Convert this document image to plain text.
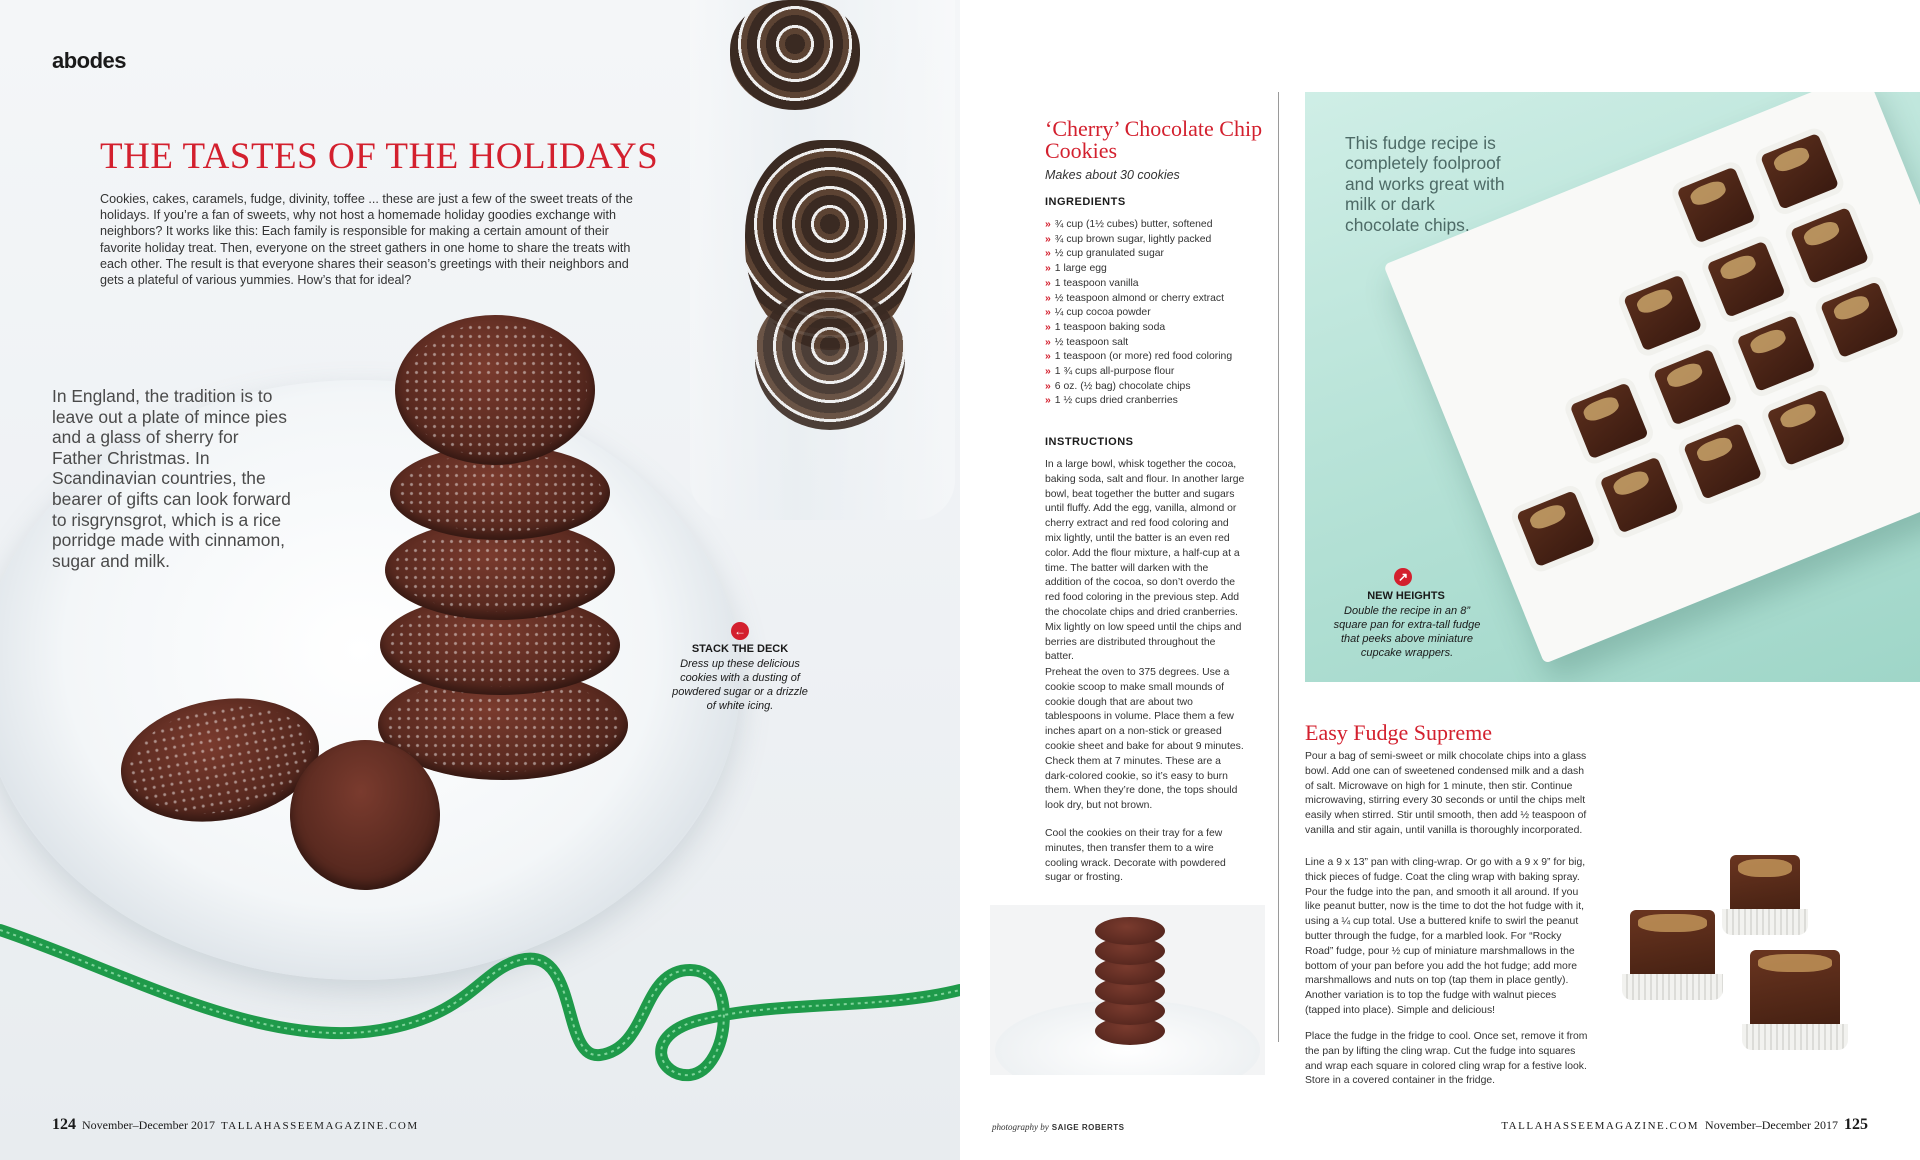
abodes
THE TASTES OF THE HOLIDAYS

Cookies, cakes, caramels, fudge, divinity, toffee ... these are just a few of the sweet treats of the holidays. If you’re a fan of sweets, why not host a homemade holiday goodies exchange with neighbors? It works like this: Each family is responsible for making a certain amount of their favorite holiday treat. Then, everyone on the street gathers in one home to share the treats with each other. The result is that everyone shares their season’s greetings with their neighbors and gets a plateful of various yummies. How’s that for ideal?

In England, the tradition is to leave out a plate of mince pies and a glass of sherry for Father Christmas. In Scandinavian countries, the bearer of gifts can look forward to risgrynsgrot, which is a rice porridge made with cinnamon, sugar and milk.

←
STACK THE DECK

Dress up these delicious cookies with a dusting of powdered sugar or a drizzle of white icing.

124 November–December 2017 TALLAHASSEEMAGAZINE.COM
‘Cherry’ Chocolate Chip Cookies
Makes about 30 cookies
INGREDIENTS
» ¾ cup (1½ cubes) butter, softened
» ¾ cup brown sugar, lightly packed
» ½ cup granulated sugar
» 1 large egg
» 1 teaspoon vanilla
» ½ teaspoon almond or cherry extract
» ¼ cup cocoa powder
» 1 teaspoon baking soda
» ½ teaspoon salt
» 1 teaspoon (or more) red food coloring
» 1 ¾ cups all-purpose flour
» 6 oz. (½ bag) chocolate chips
» 1 ½ cups dried cranberries
INSTRUCTIONS

In a large bowl, whisk together the cocoa, baking soda, salt and flour. In another large bowl, beat together the butter and sugars until fluffy. Add the egg, vanilla, almond or cherry extract and red food coloring and mix lightly, until the batter is an even red color. Add the flour mixture, a half-cup at a time. The batter will darken with the addition of the cocoa, so don’t overdo the red food coloring in the previous step. Add the chocolate chips and dried cranberries. Mix lightly on low speed until the chips and berries are distributed throughout the batter.

Preheat the oven to 375 degrees. Use a cookie scoop to make small mounds of cookie dough that are about two tablespoons in volume. Place them a few inches apart on a non-stick or greased cookie sheet and bake for about 9 minutes. Check them at 7 minutes. These are a dark-colored cookie, so it’s easy to burn them. When they’re done, the tops should look dry, but not brown.

Cool the cookies on their tray for a few minutes, then transfer them to a wire cooling wrack. Decorate with powdered sugar or frosting.

This fudge recipe is completely foolproof and works great with milk or dark chocolate chips.

↗
NEW HEIGHTS

Double the recipe in an 8” square pan for extra-tall fudge that peeks above miniature cupcake wrappers.

Easy Fudge Supreme

Pour a bag of semi-sweet or milk chocolate chips into a glass bowl. Add one can of sweetened condensed milk and a dash of salt. Microwave on high for 1 minute, then stir. Continue microwaving, stirring every 30 seconds or until the chips melt easily when stirred. Stir until smooth, then add ½ teaspoon of vanilla and stir again, until vanilla is thoroughly incorporated.

Line a 9 x 13” pan with cling-wrap. Or go with a 9 x 9” for big, thick pieces of fudge. Coat the cling wrap with baking spray. Pour the fudge into the pan, and smooth it all around. If you like peanut butter, now is the time to dot the hot fudge with it, using a ¼ cup total. Use a buttered knife to swirl the peanut butter through the fudge, for a marbled look. For “Rocky Road” fudge, pour ½ cup of miniature marshmallows in the bottom of your pan before you add the hot fudge; add more marshmallows and nuts on top (tap them in place gently). Another variation is to top the fudge with walnut pieces (tapped into place). Simple and delicious!

Place the fudge in the fridge to cool. Once set, remove it from the pan by lifting the cling wrap. Cut the fudge into squares and wrap each square in colored cling wrap for a festive look. Store in a covered container in the fridge.

photography by SAIGE ROBERTS	TALLAHASSEEMAGAZINE.COM November–December 2017 125
